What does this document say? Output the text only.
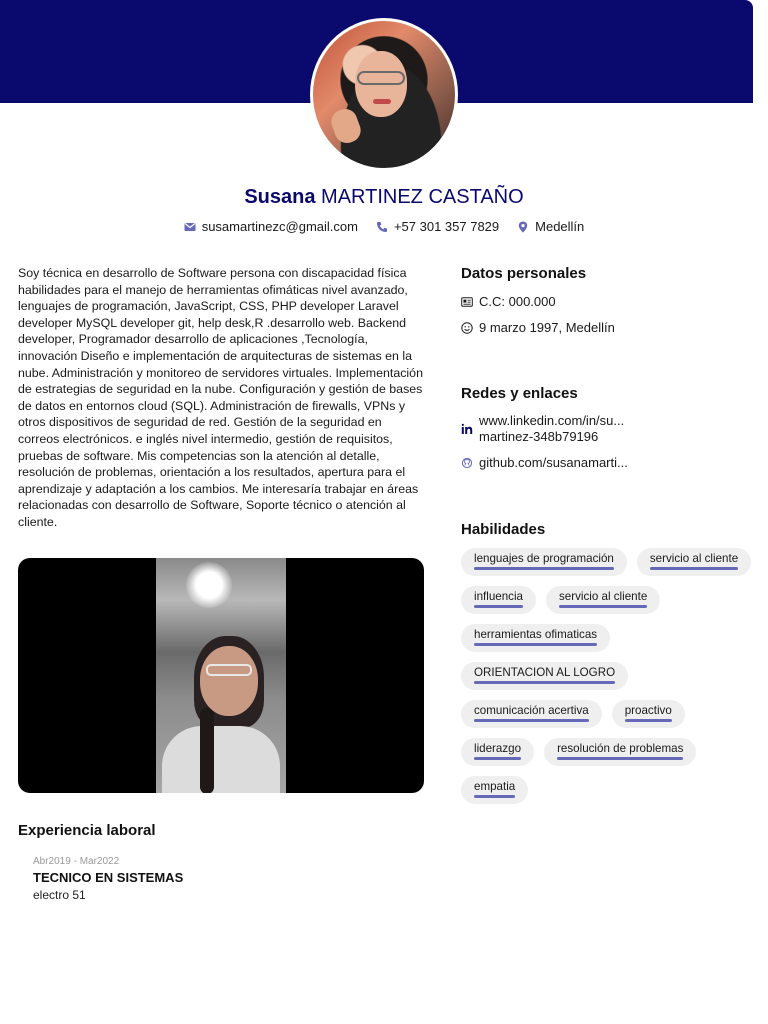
Susana MARTINEZ CASTAÑO
susamartinezc@gmail.com	+57 301 357 7829	Medellín
Soy técnica en desarrollo de Software persona con discapacidad física habilidades para el manejo de herramientas ofimáticas nivel avanzado, lenguajes de programación, JavaScript, CSS, PHP developer Laravel developer MySQL developer git, help desk,R .desarrollo web. Backend developer, Programador desarrollo de aplicaciones ,Tecnología, innovación Diseño e implementación de arquitecturas de sistemas en la nube. Administración y monitoreo de servidores virtuales. Implementación de estrategias de seguridad en la nube. Configuración y gestión de bases de datos en entornos cloud (SQL). Administración de firewalls, VPNs y otros dispositivos de seguridad de red. Gestión de la seguridad en correos electrónicos. e inglés nivel intermedio, gestión de requisitos, pruebas de software. Mis competencias son la atención al detalle, resolución de problemas, orientación a los resultados, apertura para el aprendizaje y adaptación a los cambios. Me interesaría trabajar en áreas relacionadas con desarrollo de Software, Soporte técnico o atención al cliente.
Experiencia laboral
Abr2019 - Mar2022
TECNICO EN SISTEMAS
electro 51
Datos personales
C.C: 000.000
9 marzo 1997, Medellín
Redes y enlaces
www.linkedin.com/in/su...
martinez-348b79196
github.com/susanamarti...
Habilidades
lenguajes de programación	servicio al cliente
influencia	servicio al cliente
herramientas ofimaticas
ORIENTACION AL LOGRO
comunicación acertiva	proactivo
liderazgo	resolución de problemas
empatia
